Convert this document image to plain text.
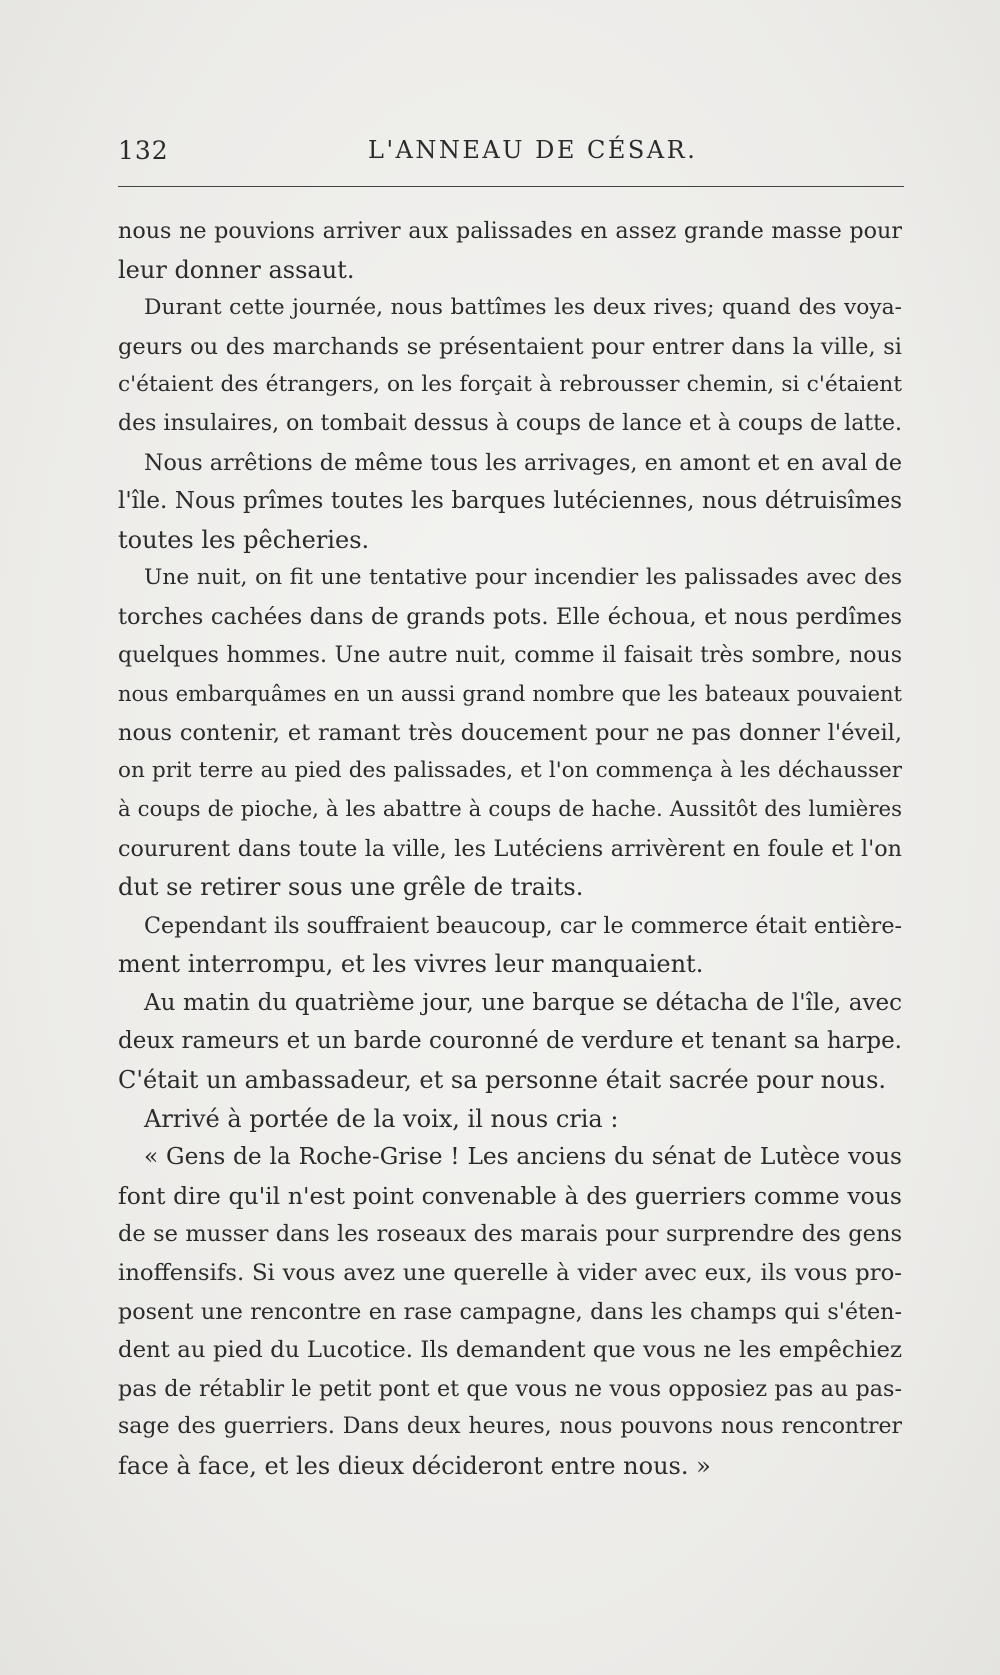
132	L'ANNEAU DE CÉSAR.
nous ne pouvions arriver aux palissades en assez grande masse pour
leur donner assaut.
Durant cette journée, nous battîmes les deux rives; quand des voya-
geurs ou des marchands se présentaient pour entrer dans la ville, si
c'étaient des étrangers, on les forçait à rebrousser chemin, si c'étaient
des insulaires, on tombait dessus à coups de lance et à coups de latte.
Nous arrêtions de même tous les arrivages, en amont et en aval de
l'île. Nous prîmes toutes les barques lutéciennes, nous détruisîmes
toutes les pêcheries.
Une nuit, on fit une tentative pour incendier les palissades avec des
torches cachées dans de grands pots. Elle échoua, et nous perdîmes
quelques hommes. Une autre nuit, comme il faisait très sombre, nous
nous embarquâmes en un aussi grand nombre que les bateaux pouvaient
nous contenir, et ramant très doucement pour ne pas donner l'éveil,
on prit terre au pied des palissades, et l'on commença à les déchausser
à coups de pioche, à les abattre à coups de hache. Aussitôt des lumières
coururent dans toute la ville, les Lutéciens arrivèrent en foule et l'on
dut se retirer sous une grêle de traits.
Cependant ils souffraient beaucoup, car le commerce était entière-
ment interrompu, et les vivres leur manquaient.
Au matin du quatrième jour, une barque se détacha de l'île, avec
deux rameurs et un barde couronné de verdure et tenant sa harpe.
C'était un ambassadeur, et sa personne était sacrée pour nous.
Arrivé à portée de la voix, il nous cria :
« Gens de la Roche-Grise ! Les anciens du sénat de Lutèce vous
font dire qu'il n'est point convenable à des guerriers comme vous
de se musser dans les roseaux des marais pour surprendre des gens
inoffensifs. Si vous avez une querelle à vider avec eux, ils vous pro-
posent une rencontre en rase campagne, dans les champs qui s'éten-
dent au pied du Lucotice. Ils demandent que vous ne les empêchiez
pas de rétablir le petit pont et que vous ne vous opposiez pas au pas-
sage des guerriers. Dans deux heures, nous pouvons nous rencontrer
face à face, et les dieux décideront entre nous. »
